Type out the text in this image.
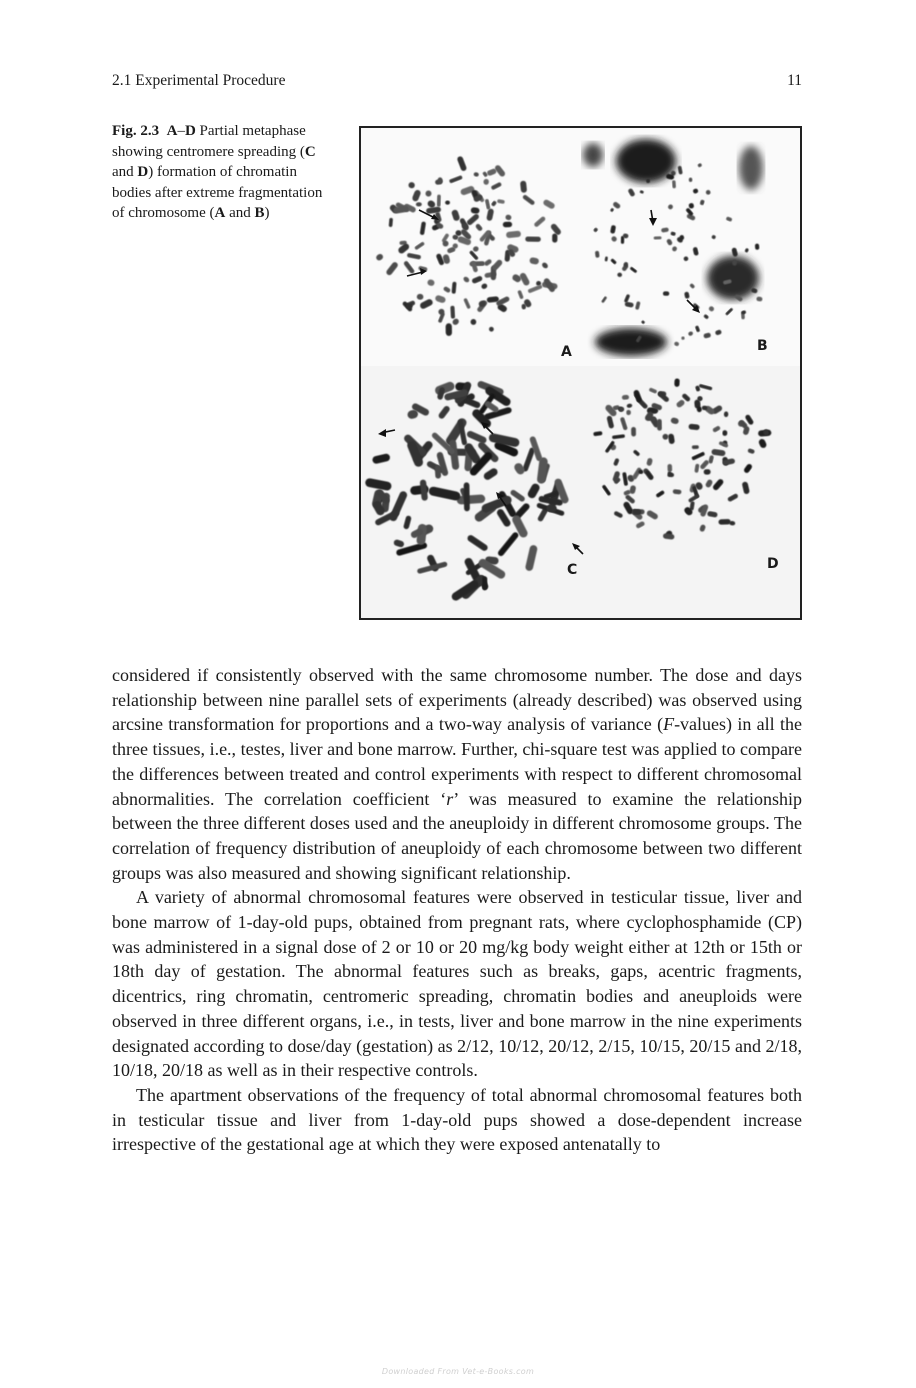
2.1 Experimental Procedure	11
Fig. 2.3 A–D Partial metaphase showing centromere spreading (C and D) formation of chromatin bodies after extreme fragmentation of chromosome (A and B)
A	B
C	D

considered if consistently observed with the same chromosome number. The dose and days relationship between nine parallel sets of experiments (already described) was observed using arcsine transformation for proportions and a two-way analysis of variance (F-values) in all the three tissues, i.e., testes, liver and bone marrow. Further, chi-square test was applied to compare the differences between treated and control experiments with respect to different chromosomal abnormalities. The correlation coefficient ‘r’ was measured to examine the relationship between the three different doses used and the aneuploidy in different chromosome groups. The correlation of frequency distribution of aneuploidy of each chromosome between two different groups was also measured and showing significant relationship.

A variety of abnormal chromosomal features were observed in testicular tissue, liver and bone marrow of 1-day-old pups, obtained from pregnant rats, where cyclophosphamide (CP) was administered in a signal dose of 2 or 10 or 20 mg/kg body weight either at 12th or 15th or 18th day of gestation. The abnormal features such as breaks, gaps, acentric fragments, dicentrics, ring chromatin, centromeric spreading, chromatin bodies and aneuploids were observed in three different organs, i.e., in tests, liver and bone marrow in the nine experiments designated according to dose/day (gestation) as 2/12, 10/12, 20/12, 2/15, 10/15, 20/15 and 2/18, 10/18, 20/18 as well as in their respective controls.

The apartment observations of the frequency of total abnormal chromosomal features both in testicular tissue and liver from 1-day-old pups showed a dose-dependent increase irrespective of the gestational age at which they were exposed antenatally to

Downloaded From Vet-e-Books.com
